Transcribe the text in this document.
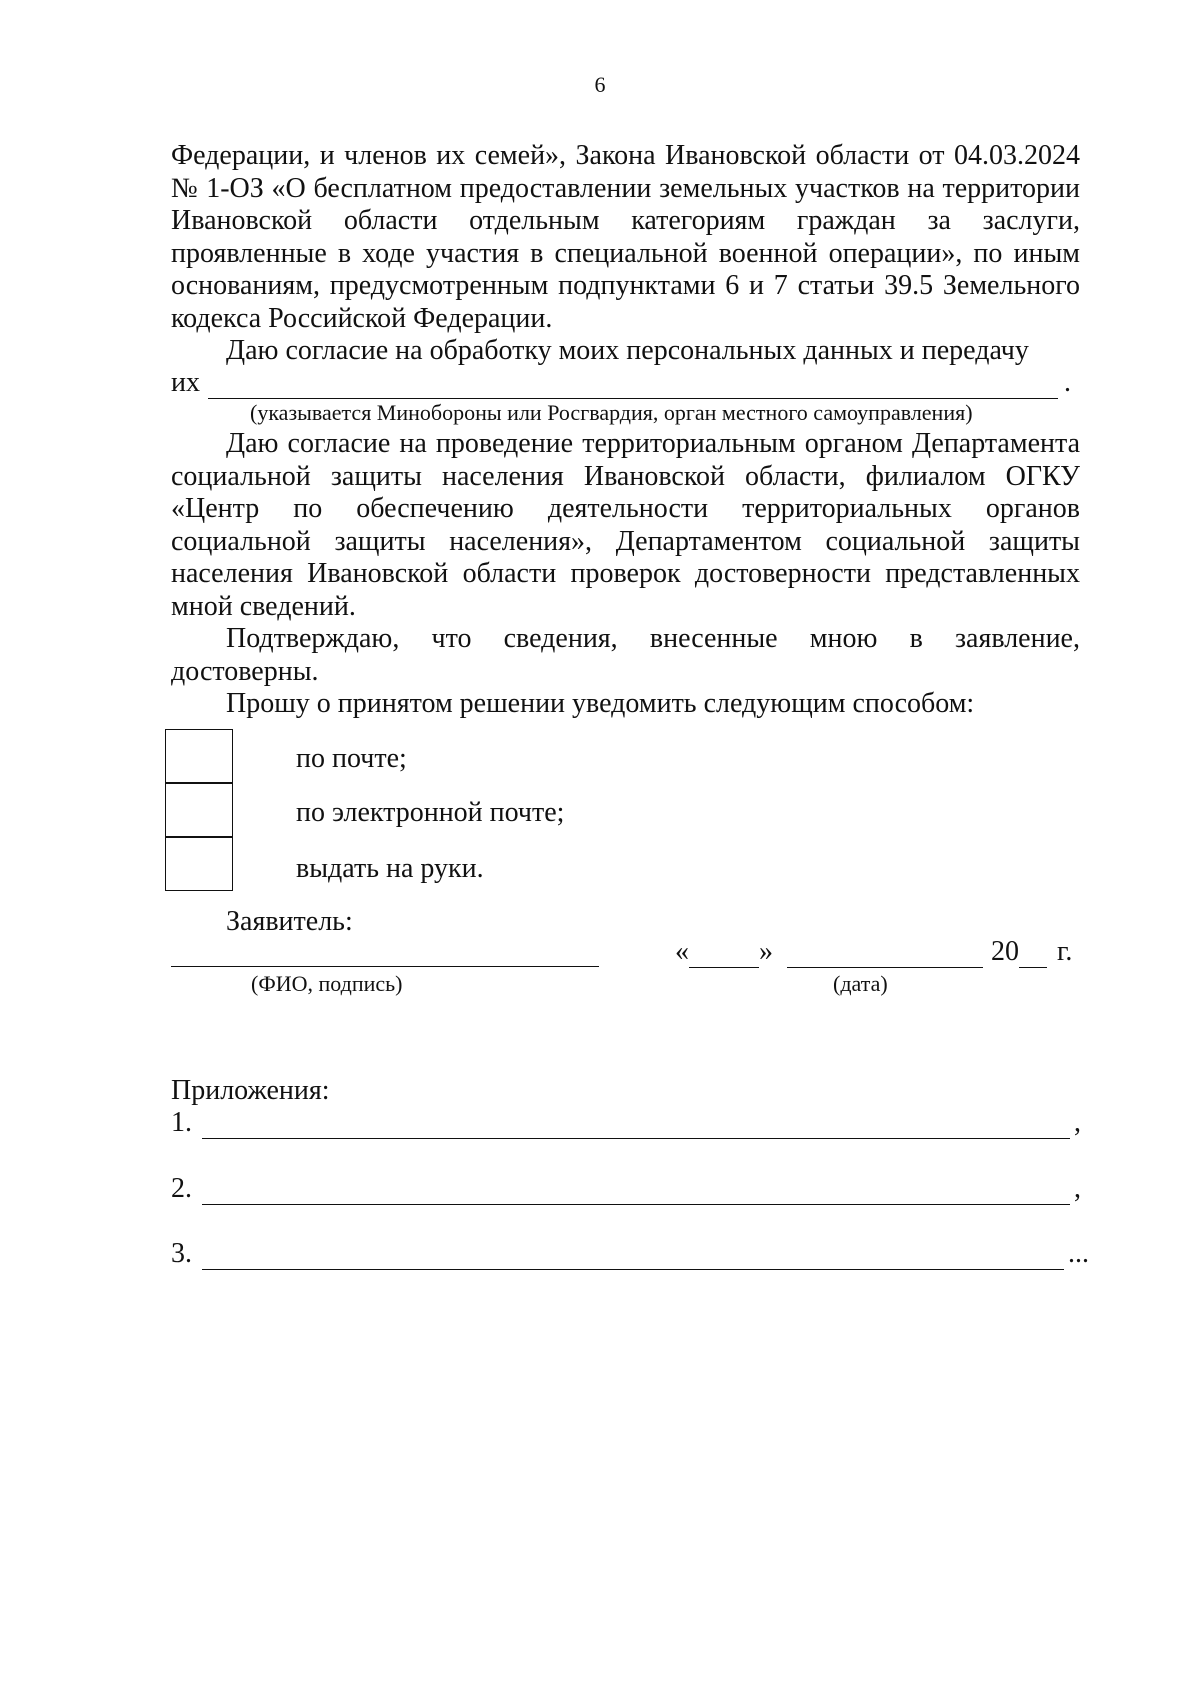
6

Федерации, и членов их семей», Закона Ивановской области от 04.03.2024 № 1-ОЗ «О бесплатном предоставлении земельных участков на территории Ивановской области отдельным категориям граждан за заслуги, проявленные в ходе участия в специальной военной операции», по иным основаниям, предусмотренным подпунктами 6 и 7 статьи 39.5 Земельного кодекса Российской Федерации.

Даю согласие на обработку моих персональных данных и передачу

их	.
(указывается Минобороны или Росгвардия, орган местного самоуправления)

Даю согласие на проведение территориальным органом Департамента социальной защиты населения Ивановской области, филиалом ОГКУ «Центр по обеспечению деятельности территориальных органов социальной защиты населения», Департаментом социальной защиты населения Ивановской области проверок достоверности представленных мной сведений.

Подтверждаю, что сведения, внесенные мною в заявление, достоверны.

Прошу о принятом решении уведомить следующим способом:

по почте;
по электронной почте;
выдать на руки.
Заявитель:
(ФИО, подпись)
«	»	20 г.
(дата)
Приложения:
1.	,
2.	,
3.	...
